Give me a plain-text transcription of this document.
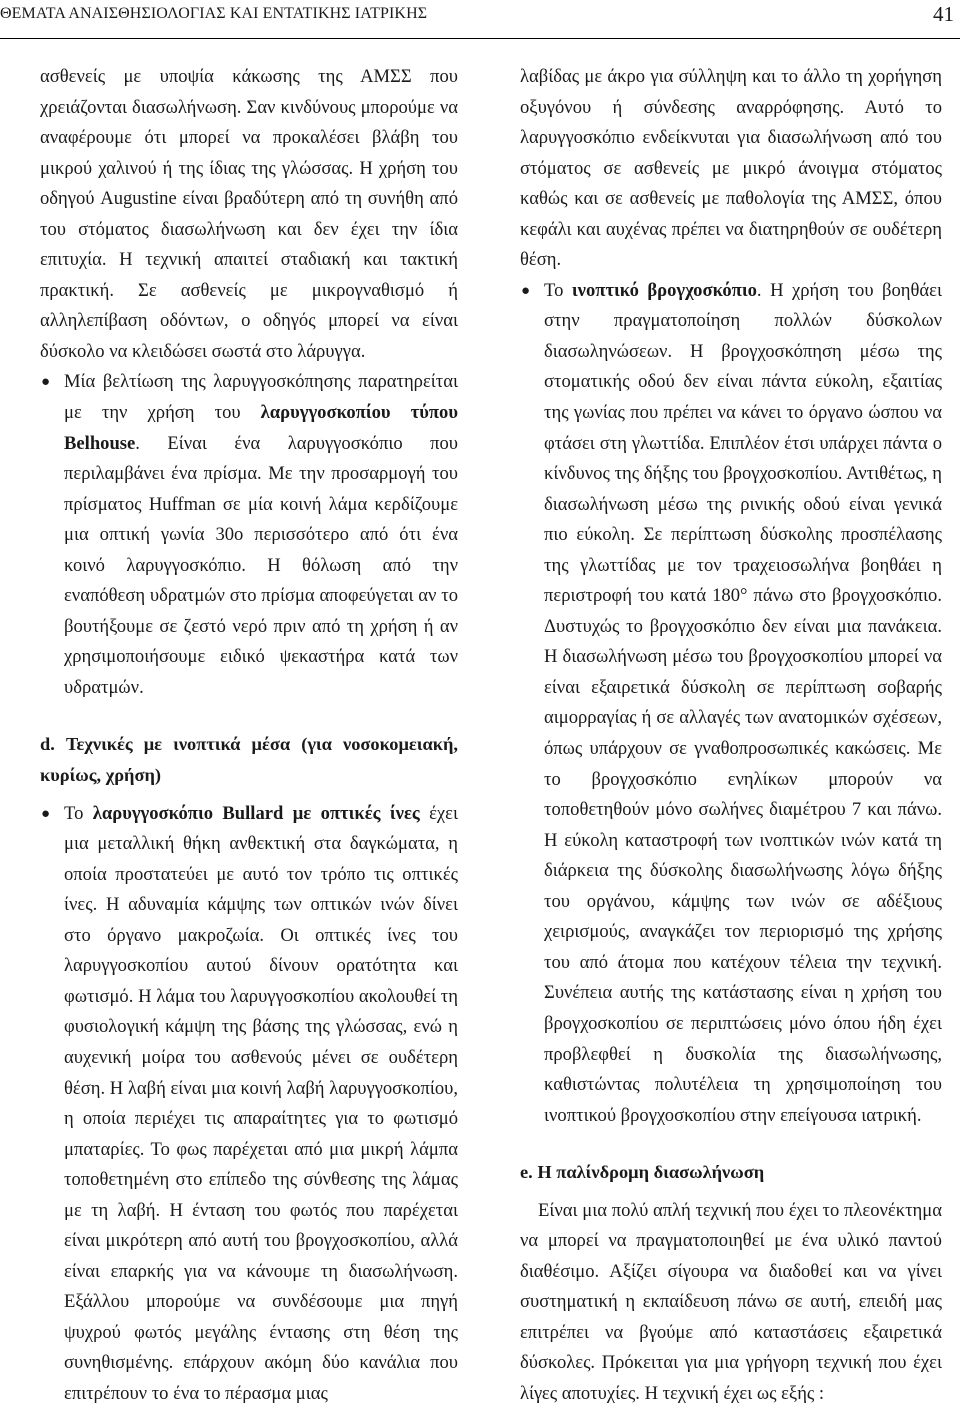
ΘΕΜΑΤΑ ΑΝΑΙΣΘΗΣΙΟΛΟΓΙΑΣ ΚΑΙ ΕΝΤΑΤΙΚΗΣ ΙΑΤΡΙΚΗΣ	41

ασθενείς με υποψία κάκωσης της ΑΜΣΣ που χρειάζονται διασωλήνωση. Σαν κινδύνους μπορούμε να αναφέρουμε ότι μπορεί να προκαλέσει βλάβη του μικρού χαλινού ή της ίδιας της γλώσσας. Η χρήση του οδηγού Augustine είναι βραδύτερη από τη συνήθη από του στόματος διασωλήνωση και δεν έχει την ίδια επιτυχία. Η τεχνική απαιτεί σταδιακή και τακτική πρακτική. Σε ασθενείς με μικρογναθισμό ή αλληλεπίβαση οδόντων, ο οδηγός μπορεί να είναι δύσκολο να κλειδώσει σωστά στο λάρυγγα.

● Μία βελτίωση της λαρυγγοσκόπησης παρατηρείται με την χρήση του λαρυγγοσκοπίου τύπου Belhouse. Είναι ένα λαρυγγοσκόπιο που περιλαμβάνει ένα πρίσμα. Με την προσαρμογή του πρίσματος Huffman σε μία κοινή λάμα κερδίζουμε μια οπτική γωνία 30ο περισσότερο από ότι ένα κοινό λαρυγγοσκόπιο. Η θόλωση από την εναπόθεση υδρατμών στο πρίσμα αποφεύγεται αν το βουτήξουμε σε ζεστό νερό πριν από τη χρήση ή αν χρησιμοποιήσουμε ειδικό ψεκαστήρα κατά των υδρατμών.

d. Τεχνικές με ινοπτικά μέσα (για νοσοκομειακή, κυρίως, χρήση)

● Το λαρυγγοσκόπιο Bullard με οπτικές ίνες έχει μια μεταλλική θήκη ανθεκτική στα δαγκώματα, η οποία προστατεύει με αυτό τον τρόπο τις οπτικές ίνες. Η αδυναμία κάμψης των οπτικών ινών δίνει στο όργανο μακροζωία. Οι οπτικές ίνες του λαρυγγοσκοπίου αυτού δίνουν ορατότητα και φωτισμό. Η λάμα του λαρυγγοσκοπίου ακολουθεί τη φυσιολογική κάμψη της βάσης της γλώσσας, ενώ η αυχενική μοίρα του ασθενούς μένει σε ουδέτερη θέση. Η λαβή είναι μια κοινή λαβή λαρυγγοσκοπίου, η οποία περιέχει τις απαραίτητες για το φωτισμό μπαταρίες. Το φως παρέχεται από μια μικρή λάμπα τοποθετημένη στο επίπεδο της σύνθεσης της λάμας με τη λαβή. Η ένταση του φωτός που παρέχεται είναι μικρότερη από αυτή του βρογχοσκοπίου, αλλά είναι επαρκής για να κάνουμε τη διασωλήνωση. Εξάλλου μπορούμε να συνδέσουμε μια πηγή ψυχρού φωτός μεγάλης έντασης στη θέση της συνηθισμένης. επάρχουν ακόμη δύο κανάλια που επιτρέπουν το ένα το πέρασμα μιας

λαβίδας με άκρο για σύλληψη και το άλλο τη χορήγηση οξυγόνου ή σύνδεσης αναρρόφησης. Αυτό το λαρυγγοσκόπιο ενδείκνυται για διασωλήνωση από του στόματος σε ασθενείς με μικρό άνοιγμα στόματος καθώς και σε ασθενείς με παθολογία της ΑΜΣΣ, όπου κεφάλι και αυχένας πρέπει να διατηρηθούν σε ουδέτερη θέση.

● Το ινοπτικό βρογχοσκόπιο. Η χρήση του βοηθάει στην πραγματοποίηση πολλών δύσκολων διασωληνώσεων. Η βρογχοσκόπηση μέσω της στοματικής οδού δεν είναι πάντα εύκολη, εξαιτίας της γωνίας που πρέπει να κάνει το όργανο ώσπου να φτάσει στη γλωττίδα. Επιπλέον έτσι υπάρχει πάντα ο κίνδυνος της δήξης του βρογχοσκοπίου. Αντιθέτως, η διασωλήνωση μέσω της ρινικής οδού είναι γενικά πιο εύκολη. Σε περίπτωση δύσκολης προσπέλασης της γλωττίδας με τον τραχειοσωλήνα βοηθάει η περιστροφή του κατά 180° πάνω στο βρογχοσκόπιο. Δυστυχώς το βρογχοσκόπιο δεν είναι μια πανάκεια. Η διασωλήνωση μέσω του βρογχοσκοπίου μπορεί να είναι εξαιρετικά δύσκολη σε περίπτωση σοβαρής αιμορραγίας ή σε αλλαγές των ανατομικών σχέσεων, όπως υπάρχουν σε γναθοπροσωπικές κακώσεις. Με το βρογχοσκόπιο ενηλίκων μπορούν να τοποθετηθούν μόνο σωλήνες διαμέτρου 7 και πάνω. Η εύκολη καταστροφή των ινοπτικών ινών κατά τη διάρκεια της δύσκολης διασωλήνωσης λόγω δήξης του οργάνου, κάμψης των ινών σε αδέξιους χειρισμούς, αναγκάζει τον περιορισμό της χρήσης του από άτομα που κατέχουν τέλεια την τεχνική. Συνέπεια αυτής της κατάστασης είναι η χρήση του βρογχοσκοπίου σε περιπτώσεις μόνο όπου ήδη έχει προβλεφθεί η δυσκολία της διασωλήνωσης, καθιστώντας πολυτέλεια τη χρησιμοποίηση του ινοπτικού βρογχοσκοπίου στην επείγουσα ιατρική.

e. Η παλίνδρομη διασωλήνωση

Είναι μια πολύ απλή τεχνική που έχει το πλεονέκτημα να μπορεί να πραγματοποιηθεί με ένα υλικό παντού διαθέσιμο. Αξίζει σίγουρα να διαδοθεί και να γίνει συστηματική η εκπαίδευση πάνω σε αυτή, επειδή μας επιτρέπει να βγούμε από καταστάσεις εξαιρετικά δύσκολες. Πρόκειται για μια γρήγορη τεχνική που έχει λίγες αποτυχίες. Η τεχνική έχει ως εξής :
